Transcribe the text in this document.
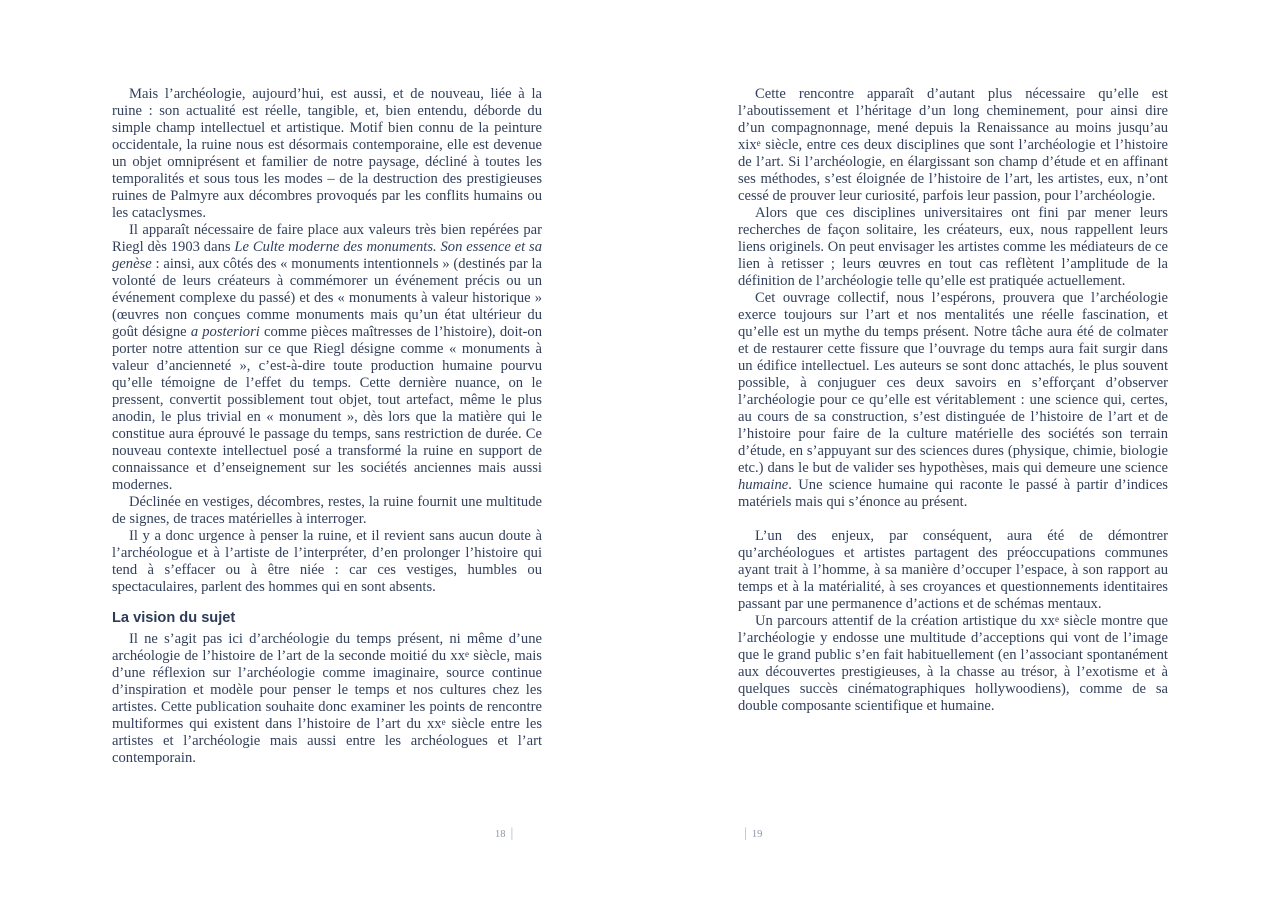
Mais l’archéologie, aujourd’hui, est aussi, et de nouveau, liée à la ruine : son actualité est réelle, tangible, et, bien entendu, déborde du simple champ intellectuel et artistique. Motif bien connu de la peinture occidentale, la ruine nous est désormais contemporaine, elle est devenue un objet omniprésent et familier de notre paysage, décliné à toutes les temporalités et sous tous les modes – de la destruction des prestigieuses ruines de Palmyre aux décombres provoqués par les conflits humains ou les cataclysmes.

Il apparaît nécessaire de faire place aux valeurs très bien repérées par Riegl dès 1903 dans Le Culte moderne des monuments. Son essence et sa genèse : ainsi, aux côtés des « monuments intentionnels » (destinés par la volonté de leurs créateurs à commémorer un événement précis ou un événement complexe du passé) et des « monuments à valeur historique » (œuvres non conçues comme monuments mais qu’un état ultérieur du goût désigne a posteriori comme pièces maîtresses de l’histoire), doit-on porter notre attention sur ce que Riegl désigne comme « monuments à valeur d’ancienneté », c’est-à-dire toute production humaine pourvu qu’elle témoigne de l’effet du temps. Cette dernière nuance, on le pressent, convertit possiblement tout objet, tout artefact, même le plus anodin, le plus trivial en « monument », dès lors que la matière qui le constitue aura éprouvé le passage du temps, sans restriction de durée. Ce nouveau contexte intellectuel posé a transformé la ruine en support de connaissance et d’enseignement sur les sociétés anciennes mais aussi modernes.

Déclinée en vestiges, décombres, restes, la ruine fournit une multitude de signes, de traces matérielles à interroger.

Il y a donc urgence à penser la ruine, et il revient sans aucun doute à l’archéologue et à l’artiste de l’interpréter, d’en prolonger l’histoire qui tend à s’effacer ou à être niée : car ces vestiges, humbles ou spectaculaires, parlent des hommes qui en sont absents.

La vision du sujet

Il ne s’agit pas ici d’archéologie du temps présent, ni même d’une archéologie de l’histoire de l’art de la seconde moitié du $xx^e$ siècle, mais d’une réflexion sur l’archéologie comme imaginaire, source continue d’inspiration et modèle pour penser le temps et nos cultures chez les artistes. Cette publication souhaite donc examiner les points de rencontre multiformes qui existent dans l’histoire de l’art du $xx^e$ siècle entre les artistes et l’archéologie mais aussi entre les archéologues et l’art contemporain.

18 |

Cette rencontre apparaît d’autant plus nécessaire qu’elle est l’aboutissement et l’héritage d’un long cheminement, pour ainsi dire d’un compagnonnage, mené depuis la Renaissance au moins jusqu’au xix$^e$ siècle, entre ces deux disciplines que sont l’archéologie et l’histoire de l’art. Si l’archéologie, en élargissant son champ d’étude et en affinant ses méthodes, s’est éloignée de l’histoire de l’art, les artistes, eux, n’ont cessé de prouver leur curiosité, parfois leur passion, pour l’archéologie.

Alors que ces disciplines universitaires ont fini par mener leurs recherches de façon solitaire, les créateurs, eux, nous rappellent leurs liens originels. On peut envisager les artistes comme les médiateurs de ce lien à retisser ; leurs œuvres en tout cas reflètent l’amplitude de la définition de l’archéologie telle qu’elle est pratiquée actuellement.

Cet ouvrage collectif, nous l’espérons, prouvera que l’archéologie exerce toujours sur l’art et nos mentalités une réelle fascination, et qu’elle est un mythe du temps présent. Notre tâche aura été de colmater et de restaurer cette fissure que l’ouvrage du temps aura fait surgir dans un édifice intellectuel. Les auteurs se sont donc attachés, le plus souvent possible, à conjuguer ces deux savoirs en s’efforçant d’observer l’archéologie pour ce qu’elle est véritablement : une science qui, certes, au cours de sa construction, s’est distinguée de l’histoire de l’art et de l’histoire pour faire de la culture matérielle des sociétés son terrain d’étude, en s’appuyant sur des sciences dures (physique, chimie, biologie etc.) dans le but de valider ses hypothèses, mais qui demeure une science humaine. Une science humaine qui raconte le passé à partir d’indices matériels mais qui s’énonce au présent.

L’un des enjeux, par conséquent, aura été de démontrer qu’archéologues et artistes partagent des préoccupations communes ayant trait à l’homme, à sa manière d’occuper l’espace, à son rapport au temps et à la matérialité, à ses croyances et questionnements identitaires passant par une permanence d’actions et de schémas mentaux.

Un parcours attentif de la création artistique du $xx^e$ siècle montre que l’archéologie y endosse une multitude d’acceptions qui vont de l’image que le grand public s’en fait habituellement (en l’associant spontanément aux découvertes prestigieuses, à la chasse au trésor, à l’exotisme et à quelques succès cinématographiques hollywoodiens), comme de sa double composante scientifique et humaine.

| 19
